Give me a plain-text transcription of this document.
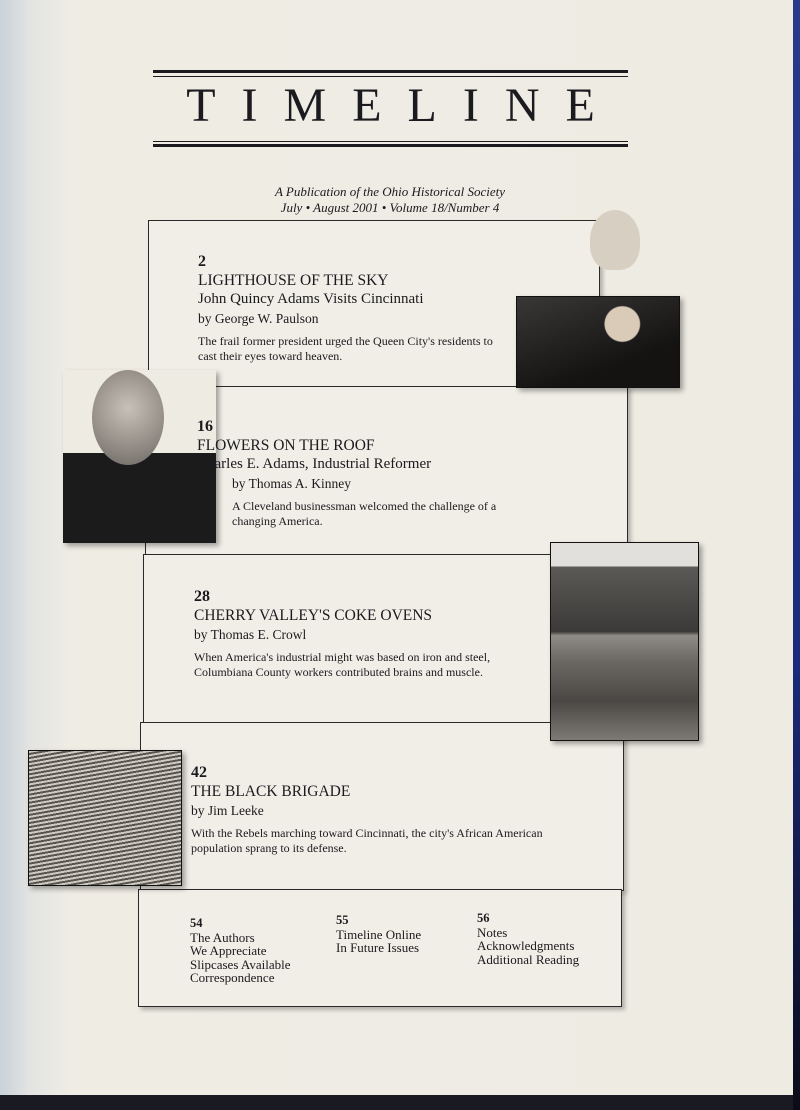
TIMELINE
A Publication of the Ohio Historical Society
July • August 2001 • Volume 18/Number 4
2
LIGHTHOUSE OF THE SKY
John Quincy Adams Visits Cincinnati
by George W. Paulson
The frail former president urged the Queen City's residents to cast their eyes toward heaven.
16
FLOWERS ON THE ROOF
Charles E. Adams, Industrial Reformer
by Thomas A. Kinney
A Cleveland businessman welcomed the challenge of a changing America.
28
CHERRY VALLEY'S COKE OVENS
by Thomas E. Crowl
When America's industrial might was based on iron and steel, Columbiana County workers contributed brains and muscle.
42
THE BLACK BRIGADE
by Jim Leeke
With the Rebels marching toward Cincinnati, the city's African American population sprang to its defense.
54
The Authors
We Appreciate
Slipcases Available
Correspondence
55
Timeline Online
In Future Issues
56
Notes
Acknowledgments
Additional Reading
